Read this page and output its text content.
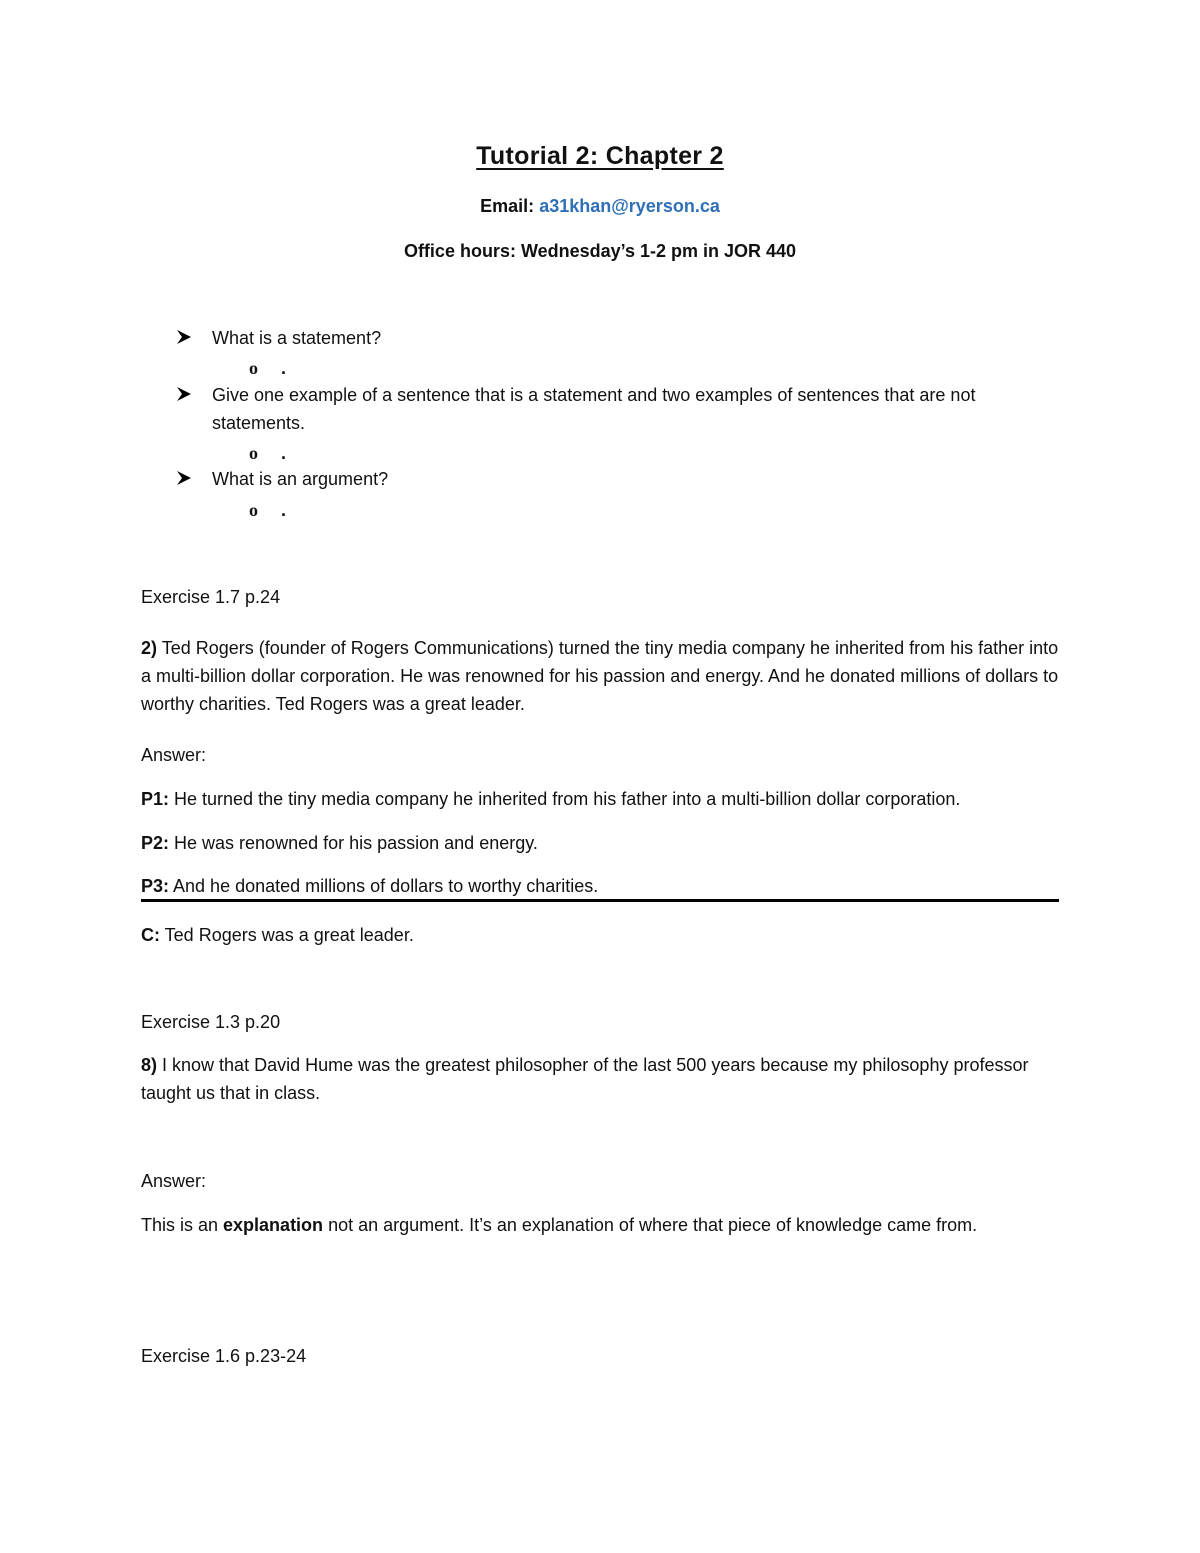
Tutorial 2: Chapter 2
Email: a31khan@ryerson.ca
Office hours: Wednesday’s 1-2 pm in JOR 440
What is a statement?
o .
Give one example of a sentence that is a statement and two examples of sentences that are not statements.
o .
What is an argument?
o .
Exercise 1.7 p.24
2) Ted Rogers (founder of Rogers Communications) turned the tiny media company he inherited from his father into a multi-billion dollar corporation. He was renowned for his passion and energy. And he donated millions of dollars to worthy charities. Ted Rogers was a great leader.
Answer:
P1: He turned the tiny media company he inherited from his father into a multi-billion dollar corporation.
P2: He was renowned for his passion and energy.
P3: And he donated millions of dollars to worthy charities.
C: Ted Rogers was a great leader.
Exercise 1.3 p.20
8) I know that David Hume was the greatest philosopher of the last 500 years because my philosophy professor taught us that in class.
Answer:
This is an explanation not an argument. It’s an explanation of where that piece of knowledge came from.
Exercise 1.6 p.23-24
